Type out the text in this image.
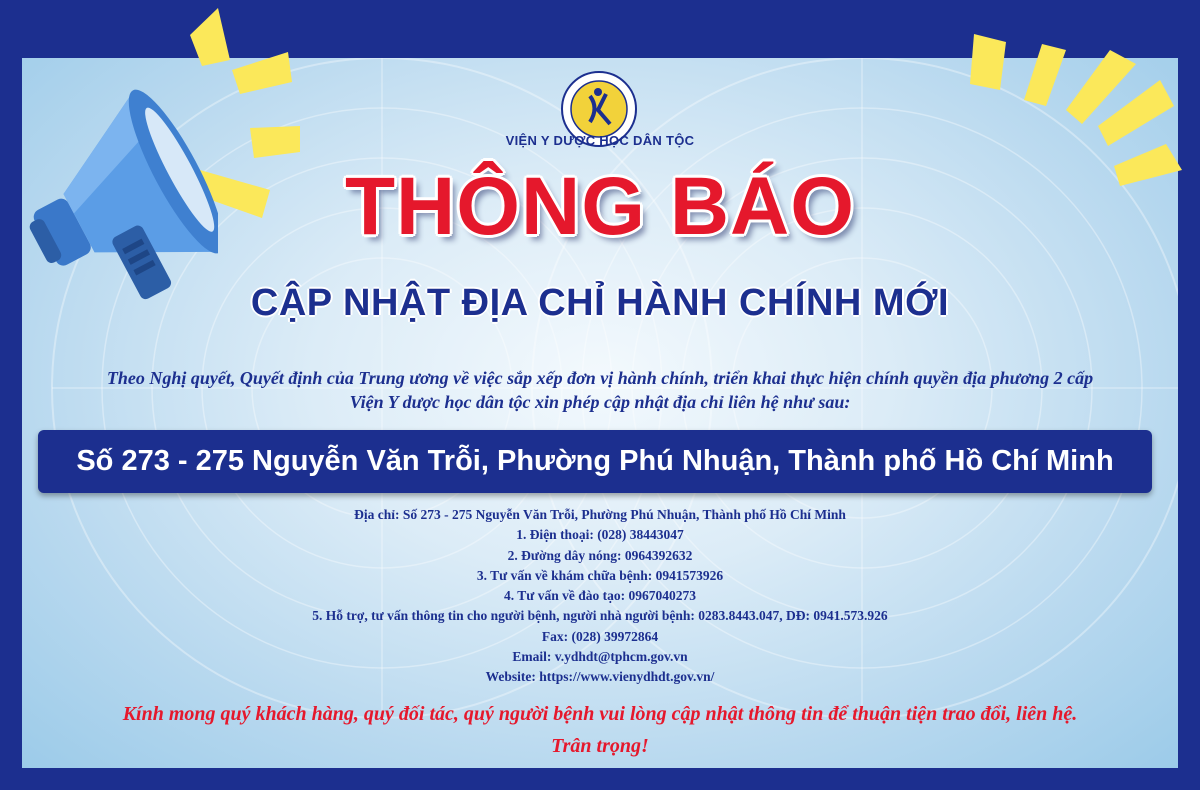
VIỆN Y DƯỢC HỌC DÂN TỘC
THÔNG BÁO
CẬP NHẬT ĐỊA CHỈ HÀNH CHÍNH MỚI
Theo Nghị quyết, Quyết định của Trung ương về việc sắp xếp đơn vị hành chính, triển khai thực hiện chính quyền địa phương 2 cấp
Viện Y dược học dân tộc xin phép cập nhật địa chỉ liên hệ như sau:
Số 273 - 275 Nguyễn Văn Trỗi, Phường Phú Nhuận, Thành phố Hồ Chí Minh
Địa chỉ: Số 273 - 275 Nguyễn Văn Trỗi, Phường Phú Nhuận, Thành phố Hồ Chí Minh
1. Điện thoại: (028) 38443047
2. Đường dây nóng: 0964392632
3. Tư vấn về khám chữa bệnh: 0941573926
4. Tư vấn về đào tạo: 0967040273
5. Hỗ trợ, tư vấn thông tin cho người bệnh, người nhà người bệnh: 0283.8443.047, DĐ: 0941.573.926
Fax: (028) 39972864
Email: v.ydhdt@tphcm.gov.vn
Website: https://www.vienydhdt.gov.vn/
Kính mong quý khách hàng, quý đối tác, quý người bệnh vui lòng cập nhật thông tin để thuận tiện trao đổi, liên hệ.
Trân trọng!
